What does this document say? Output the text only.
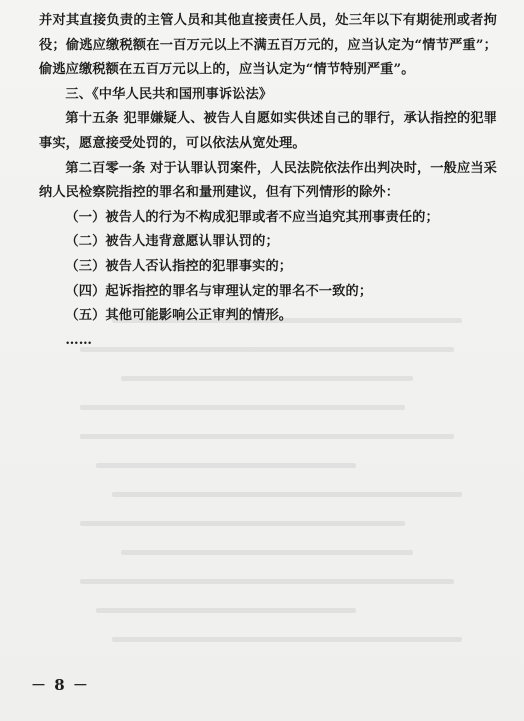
并对其直接负责的主管人员和其他直接责任人员，处三年以下有期徒刑或者拘役；偷逃应缴税额在一百万元以上不满五百万元的，应当认定为“情节严重”；偷逃应缴税额在五百万元以上的，应当认定为“情节特别严重”。

三、《中华人民共和国刑事诉讼法》

第十五条 犯罪嫌疑人、被告人自愿如实供述自己的罪行，承认指控的犯罪事实，愿意接受处罚的，可以依法从宽处理。

第二百零一条 对于认罪认罚案件，人民法院依法作出判决时，一般应当采纳人民检察院指控的罪名和量刑建议，但有下列情形的除外：

（一）被告人的行为不构成犯罪或者不应当追究其刑事责任的；

（二）被告人违背意愿认罪认罚的；

（三）被告人否认指控的犯罪事实的；

（四）起诉指控的罪名与审理认定的罪名不一致的；

（五）其他可能影响公正审判的情形。

……

－ 8 －
